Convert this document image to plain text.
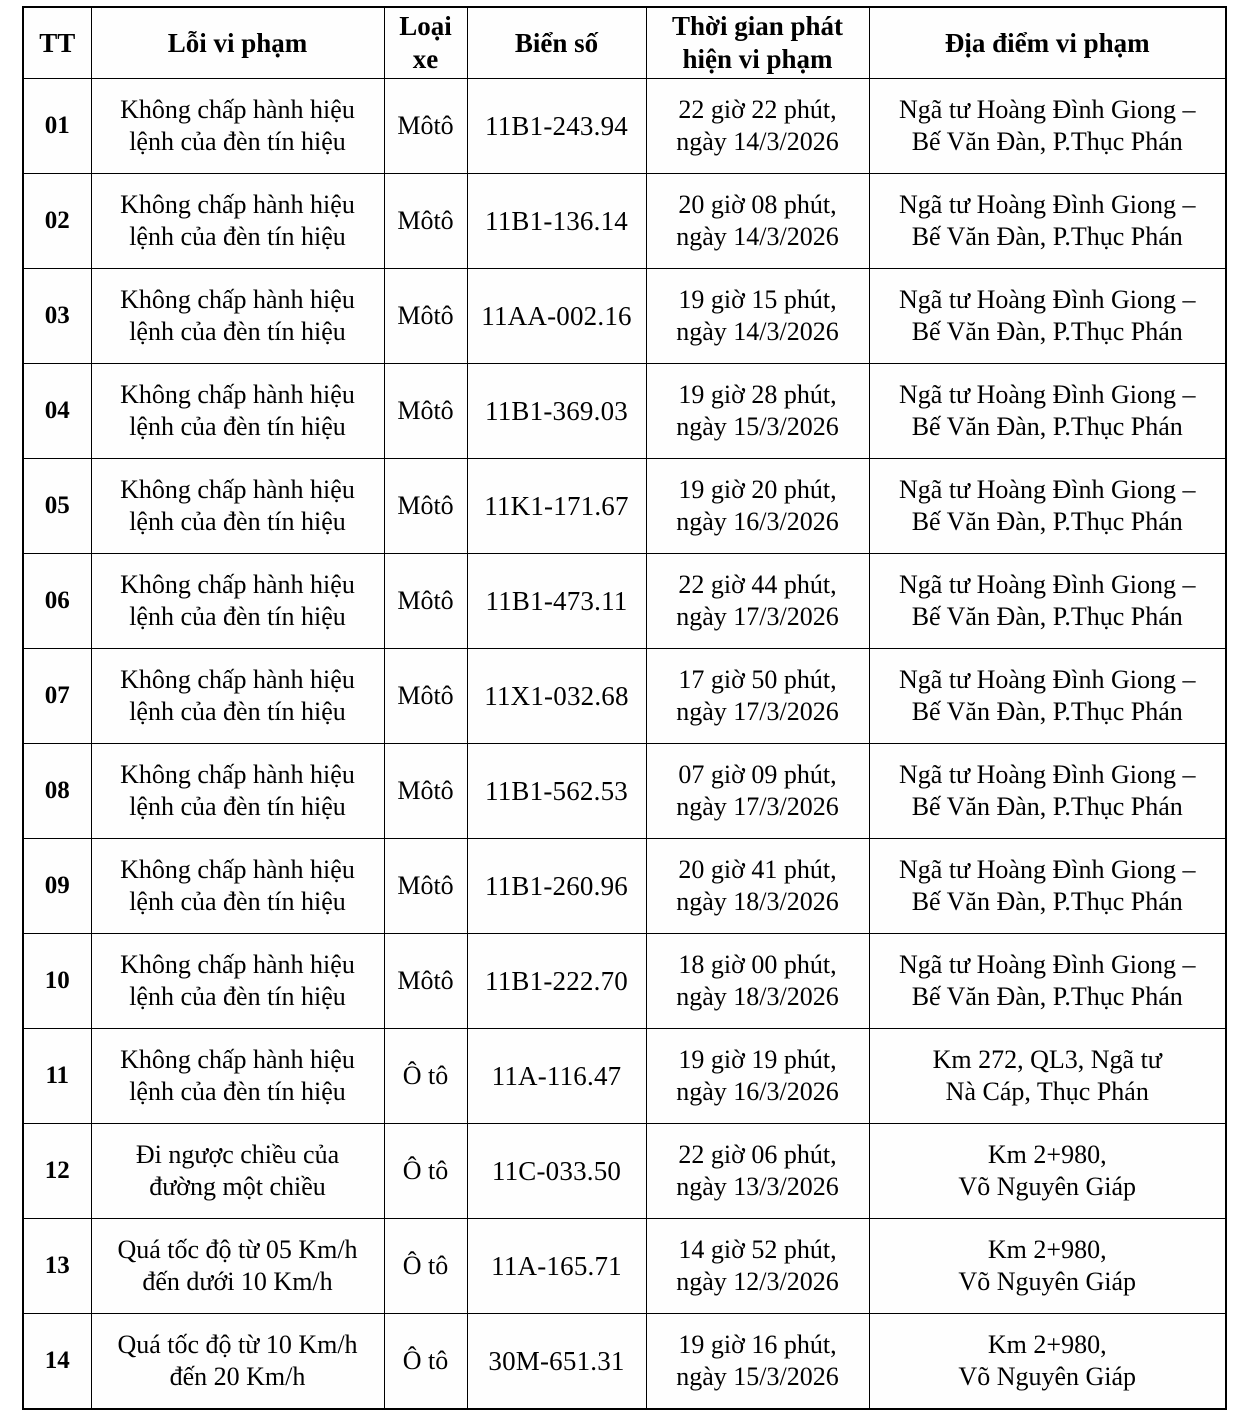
TT	Lỗi vi phạm	Loại
xe	Biển số	Thời gian phát
hiện vi phạm	Địa điểm vi phạm

01	Không chấp hành hiệu
lệnh của đèn tín hiệu	Môtô	11B1-243.94	22 giờ 22 phút,
ngày 14/3/2026	Ngã tư Hoàng Đình Giong –
Bế Văn Đàn, P.Thục Phán

02	Không chấp hành hiệu
lệnh của đèn tín hiệu	Môtô	11B1-136.14	20 giờ 08 phút,
ngày 14/3/2026	Ngã tư Hoàng Đình Giong –
Bế Văn Đàn, P.Thục Phán

03	Không chấp hành hiệu
lệnh của đèn tín hiệu	Môtô	11AA-002.16	19 giờ 15 phút,
ngày 14/3/2026	Ngã tư Hoàng Đình Giong –
Bế Văn Đàn, P.Thục Phán

04	Không chấp hành hiệu
lệnh của đèn tín hiệu	Môtô	11B1-369.03	19 giờ 28 phút,
ngày 15/3/2026	Ngã tư Hoàng Đình Giong –
Bế Văn Đàn, P.Thục Phán

05	Không chấp hành hiệu
lệnh của đèn tín hiệu	Môtô	11K1-171.67	19 giờ 20 phút,
ngày 16/3/2026	Ngã tư Hoàng Đình Giong –
Bế Văn Đàn, P.Thục Phán

06	Không chấp hành hiệu
lệnh của đèn tín hiệu	Môtô	11B1-473.11	22 giờ 44 phút,
ngày 17/3/2026	Ngã tư Hoàng Đình Giong –
Bế Văn Đàn, P.Thục Phán

07	Không chấp hành hiệu
lệnh của đèn tín hiệu	Môtô	11X1-032.68	17 giờ 50 phút,
ngày 17/3/2026	Ngã tư Hoàng Đình Giong –
Bế Văn Đàn, P.Thục Phán

08	Không chấp hành hiệu
lệnh của đèn tín hiệu	Môtô	11B1-562.53	07 giờ 09 phút,
ngày 17/3/2026	Ngã tư Hoàng Đình Giong –
Bế Văn Đàn, P.Thục Phán

09	Không chấp hành hiệu
lệnh của đèn tín hiệu	Môtô	11B1-260.96	20 giờ 41 phút,
ngày 18/3/2026	Ngã tư Hoàng Đình Giong –
Bế Văn Đàn, P.Thục Phán

10	Không chấp hành hiệu
lệnh của đèn tín hiệu	Môtô	11B1-222.70	18 giờ 00 phút,
ngày 18/3/2026	Ngã tư Hoàng Đình Giong –
Bế Văn Đàn, P.Thục Phán

11	Không chấp hành hiệu
lệnh của đèn tín hiệu	Ô tô	11A-116.47	19 giờ 19 phút,
ngày 16/3/2026	Km 272, QL3, Ngã tư
Nà Cáp, Thục Phán

12	Đi ngược chiều của
đường một chiều	Ô tô	11C-033.50	22 giờ 06 phút,
ngày 13/3/2026	Km 2+980,
Võ Nguyên Giáp

13	Quá tốc độ từ 05 Km/h
đến dưới 10 Km/h	Ô tô	11A-165.71	14 giờ 52 phút,
ngày 12/3/2026	Km 2+980,
Võ Nguyên Giáp

14	Quá tốc độ từ 10 Km/h
đến 20 Km/h	Ô tô	30M-651.31	19 giờ 16 phút,
ngày 15/3/2026	Km 2+980,
Võ Nguyên Giáp
